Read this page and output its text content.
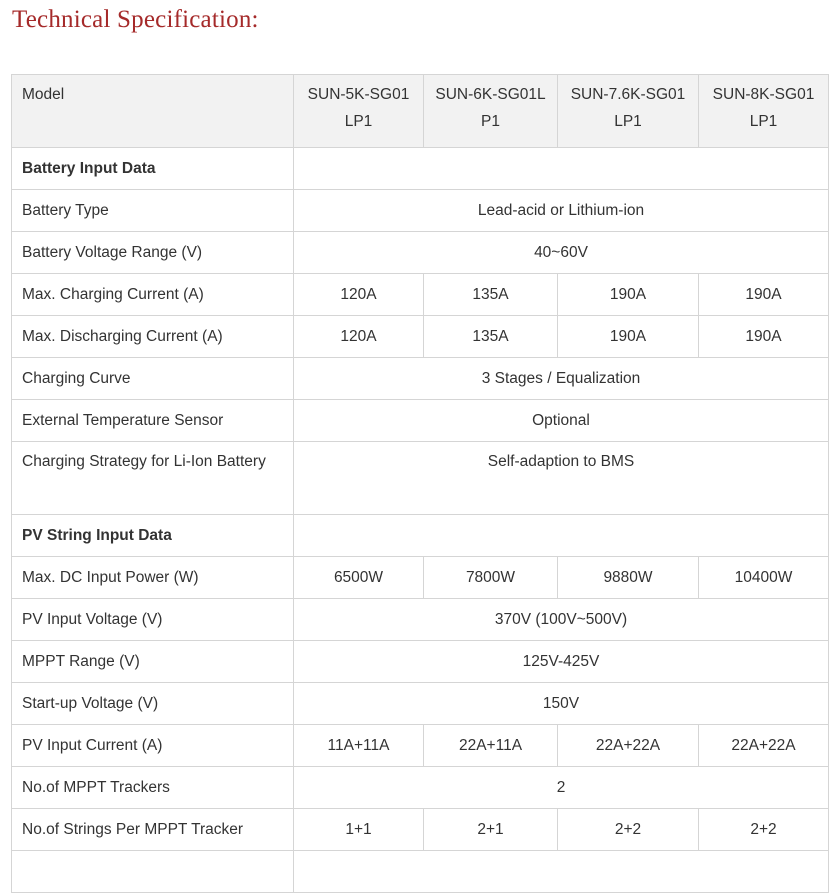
Technical Specification:
Model	SUN-5K-SG01LP1	SUN-6K-SG01LP1	SUN-7.6K-SG01LP1	SUN-8K-SG01LP1
Battery Input Data				
Battery Type	Lead-acid or Lithium-ion			
Battery Voltage Range (V)	40~60V			
Max. Charging Current (A)	120A	135A	190A	190A
Max. Discharging Current (A)	120A	135A	190A	190A
Charging Curve	3 Stages / Equalization			
External Temperature Sensor	Optional			
Charging Strategy for Li-Ion Battery	Self-adaption to BMS			
PV String Input Data				
Max. DC Input Power (W)	6500W	7800W	9880W	10400W
PV Input Voltage (V)	370V (100V~500V)			
MPPT Range (V)	125V-425V			
Start-up Voltage (V)	150V			
PV Input Current (A)	11A+11A	22A+11A	22A+22A	22A+22A
No.of MPPT Trackers	2			
No.of Strings Per MPPT Tracker	1+1	2+1	2+2	2+2
